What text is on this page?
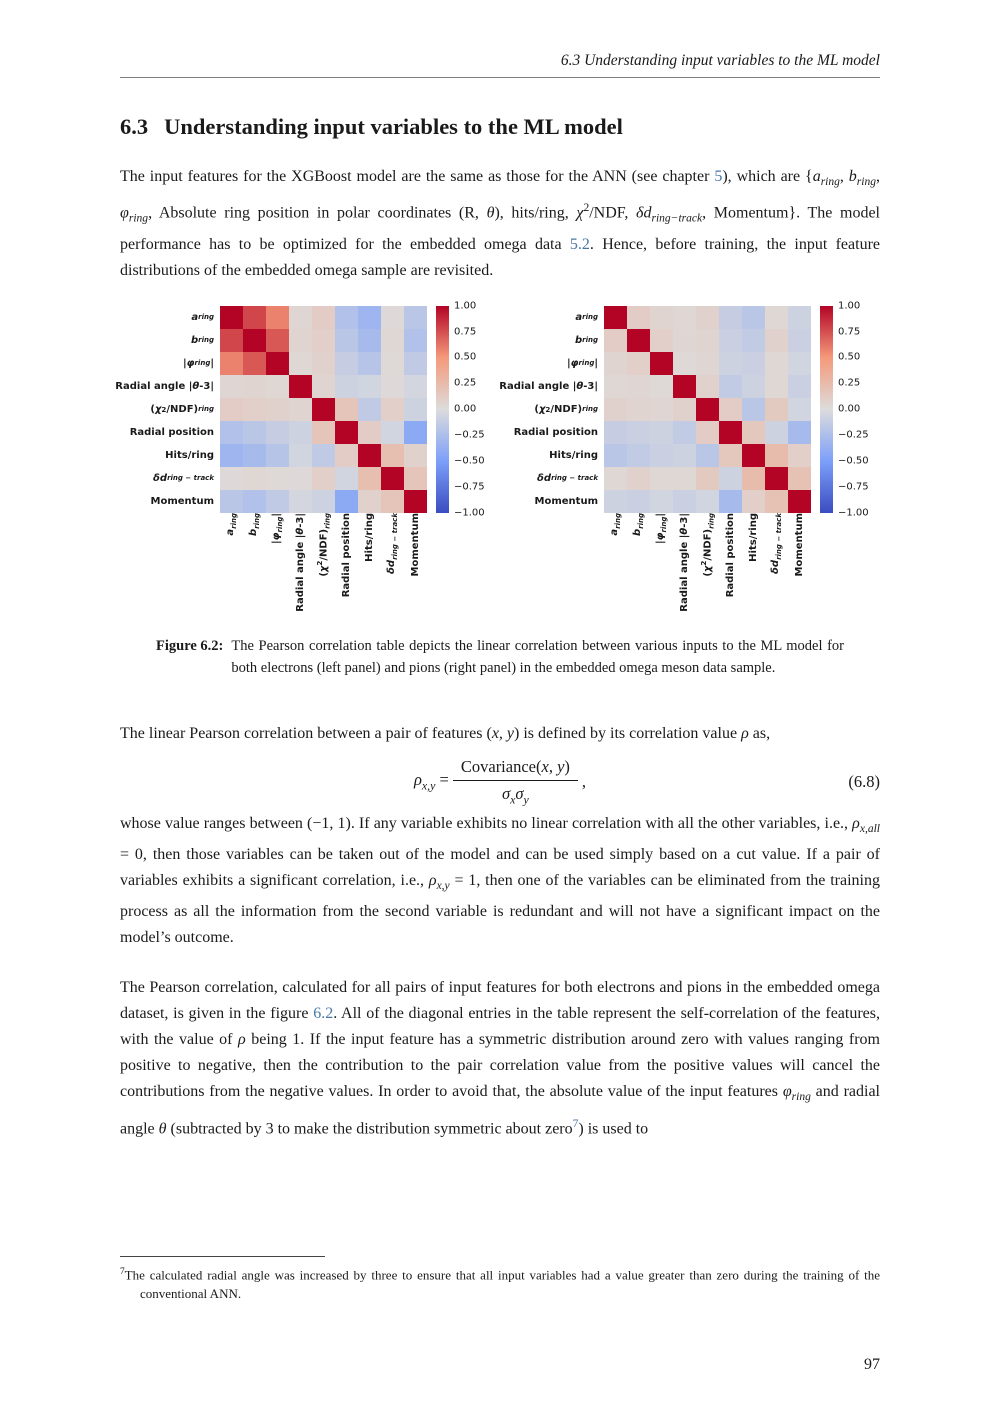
6.3 Understanding input variables to the ML model
6.3 Understanding input variables to the ML model

The input features for the XGBoost model are the same as those for the ANN (see chapter 5), which are {$a_{ring}$, $b_{ring}$, $\varphi_{ring}$, Absolute ring position in polar coordinates (R, θ), hits/ring, $\chi^2$/NDF, $\delta d_{ring-track}$, Momentum}. The model performance has to be optimized for the embedded omega data 5.2. Hence, before training, the input feature distributions of the embedded omega sample are revisited.

a ring
b ring
| φ ring |
Radial angle | θ -3|
( χ 2 /NDF) ring
Radial position
Hits/ring
δd ring − track
Momentum
1.00
0.75
0.50
0.25
0.00
−0.25
−0.50
−0.75
−1.00
$a_{ring}$
$b_{ring}$
$|\varphi_{ring}|$
Radial angle |θ-3|
$(\chi^2/NDF)_{ring}$ Radial position Hits/ring
$\delta d_{ring - track}$ Momentum
a ring
b ring
| φ ring |
Radial angle | θ -3|
( χ 2 /NDF) ring
Radial position
Hits/ring
δd ring − track
Momentum
1.00
0.75
0.50
0.25
0.00
−0.25
−0.50
−0.75
−1.00
$a_{ring}$
$b_{ring}$
$|\varphi_{ring}|$
Radial angle |θ-3|
$(\chi^2/NDF)_{ring}$ Radial position Hits/ring
$\delta d_{ring - track}$ Momentum
Figure 6.2: The Pearson correlation table depicts the linear correlation between various inputs to the ML model for both electrons (left panel) and pions (right panel) in the embedded omega meson data sample.

The linear Pearson correlation between a pair of features (x, y) is defined by its correlation value ρ as,

$\rho_{x,y} = \frac{\text{Covariance(x, y)}}{\sigma_x\sigma_y}$ ,	(6.8)

whose value ranges between (−1, 1). If any variable exhibits no linear correlation with all the other variables, i.e., $\rho_{x,all} = 0$, then those variables can be taken out of the model and can be used simply based on a cut value. If a pair of variables exhibits a significant correlation, i.e., $\rho_{x,y} = 1$, then one of the variables can be eliminated from the training process as all the information from the second variable is redundant and will not have a significant impact on the model’s outcome.

The Pearson correlation, calculated for all pairs of input features for both electrons and pions in the embedded omega dataset, is given in the figure 6.2. All of the diagonal entries in the table represent the self-correlation of the features, with the value of ρ being 1. If the input feature has a symmetric distribution around zero with values ranging from positive to negative, then the contribution to the pair correlation value from the positive values will cancel the contributions from the negative values. In order to avoid that, the absolute value of the input features $\varphi_{ring}$ and radial angle θ (subtracted by 3 to make the distribution symmetric about zero$^7$) is used to

$^7$The calculated radial angle was increased by three to ensure that all input variables had a value greater than zero during the training of the conventional ANN.

97
